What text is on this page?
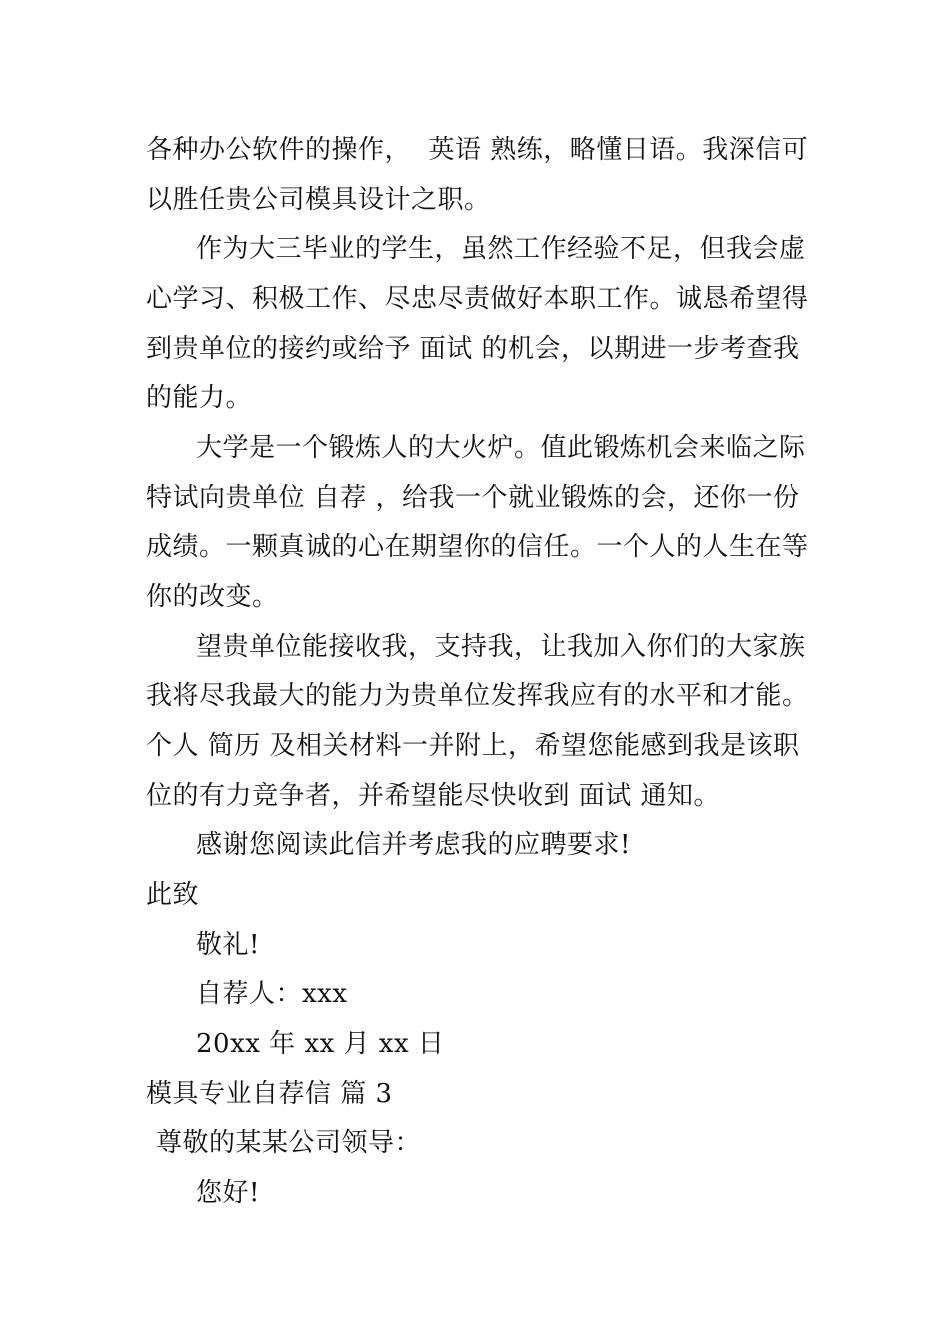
各种办公软件的操作，  英语 熟练，略懂日语。我深信可
以胜任贵公司模具设计之职。
作为大三毕业的学生，虽然工作经验不足，但我会虚
心学习、积极工作、尽忠尽责做好本职工作。诚恳希望得
到贵单位的接约或给予 面试 的机会，以期进一步考查我
的能力。
大学是一个锻炼人的大火炉。值此锻炼机会来临之际
特试向贵单位 自荐 ，给我一个就业锻炼的会，还你一份
成绩。一颗真诚的心在期望你的信任。一个人的人生在等
你的改变。
望贵单位能接收我，支持我，让我加入你们的大家族
我将尽我最大的能力为贵单位发挥我应有的水平和才能。
个人 简历 及相关材料一并附上，希望您能感到我是该职
位的有力竞争者，并希望能尽快收到 面试 通知。
感谢您阅读此信并考虑我的应聘要求!
此致
敬礼!
自荐人：xxx
20xx 年 xx 月 xx 日
模具专业自荐信 篇 3
尊敬的某某公司领导：
您好!
